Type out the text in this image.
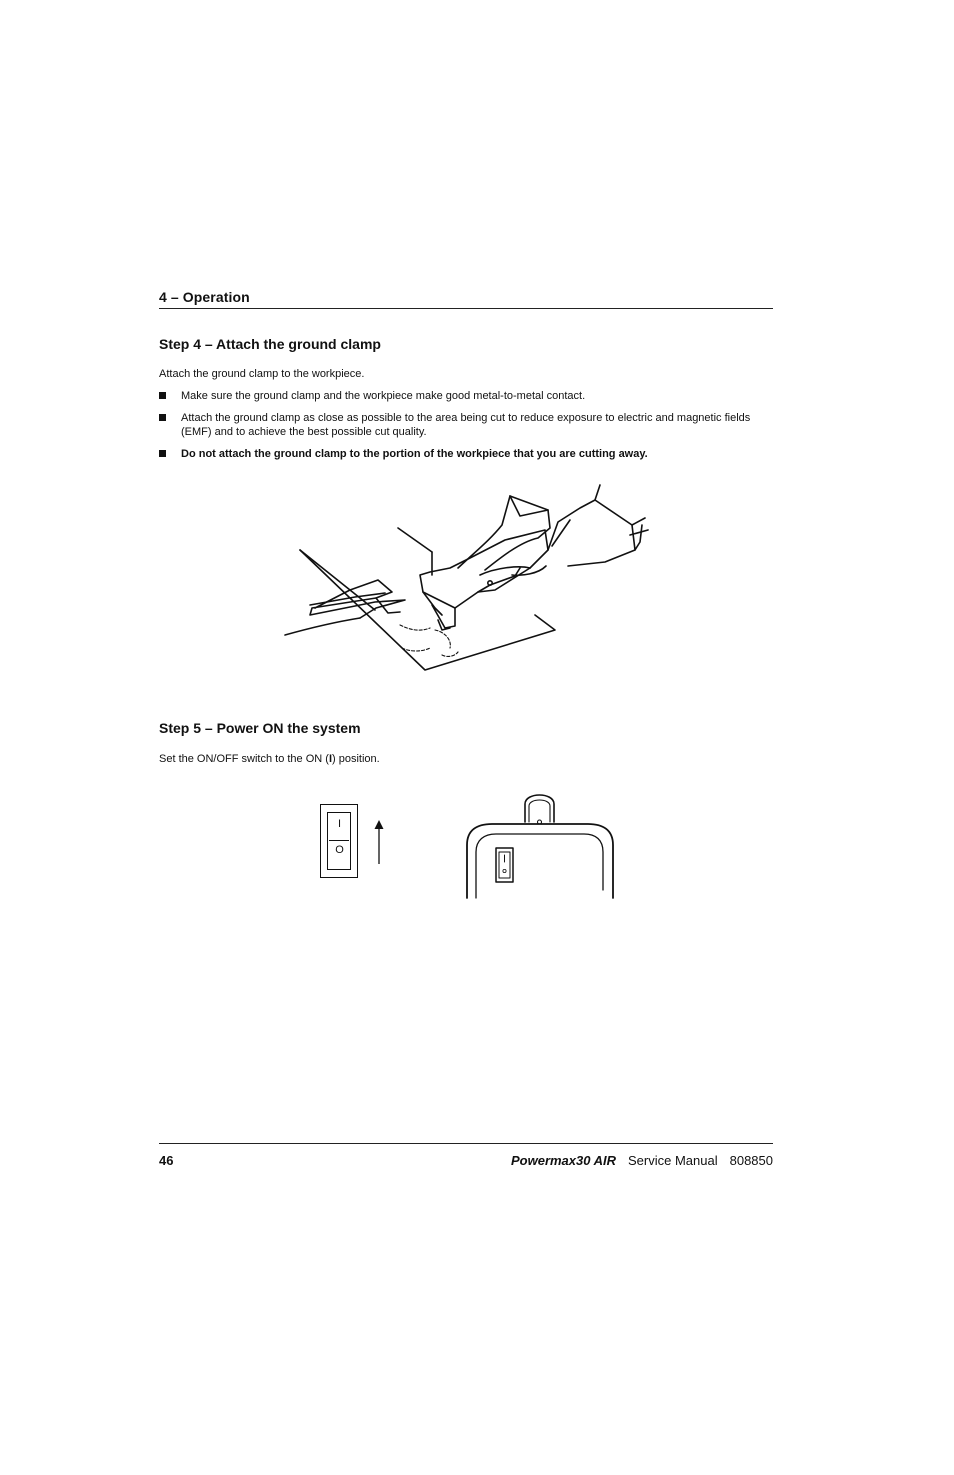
4 – Operation
Step 4 – Attach the ground clamp
Attach the ground clamp to the workpiece.
Make sure the ground clamp and the workpiece make good metal-to-metal contact.
Attach the ground clamp as close as possible to the area being cut to reduce exposure to electric and magnetic fields (EMF) and to achieve the best possible cut quality.
Do not attach the ground clamp to the portion of the workpiece that you are cutting away.
Step 5 – Power ON the system
Set the ON/OFF switch to the ON (I) position.
I
O
46	Powermax30 AIR Service Manual 808850
